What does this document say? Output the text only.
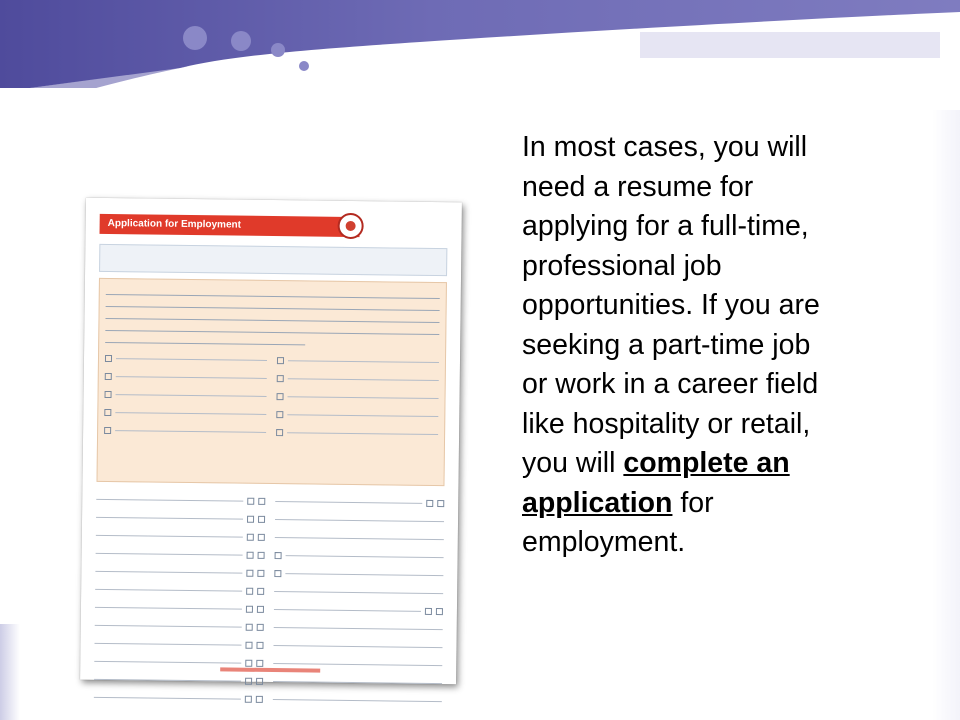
Application for Employment
In most cases, you will
need a resume for
applying for a full-time,
professional job
opportunities. If you are
seeking a part-time job
or work in a career field
like hospitality or retail,
you will complete an
application for
employment.
